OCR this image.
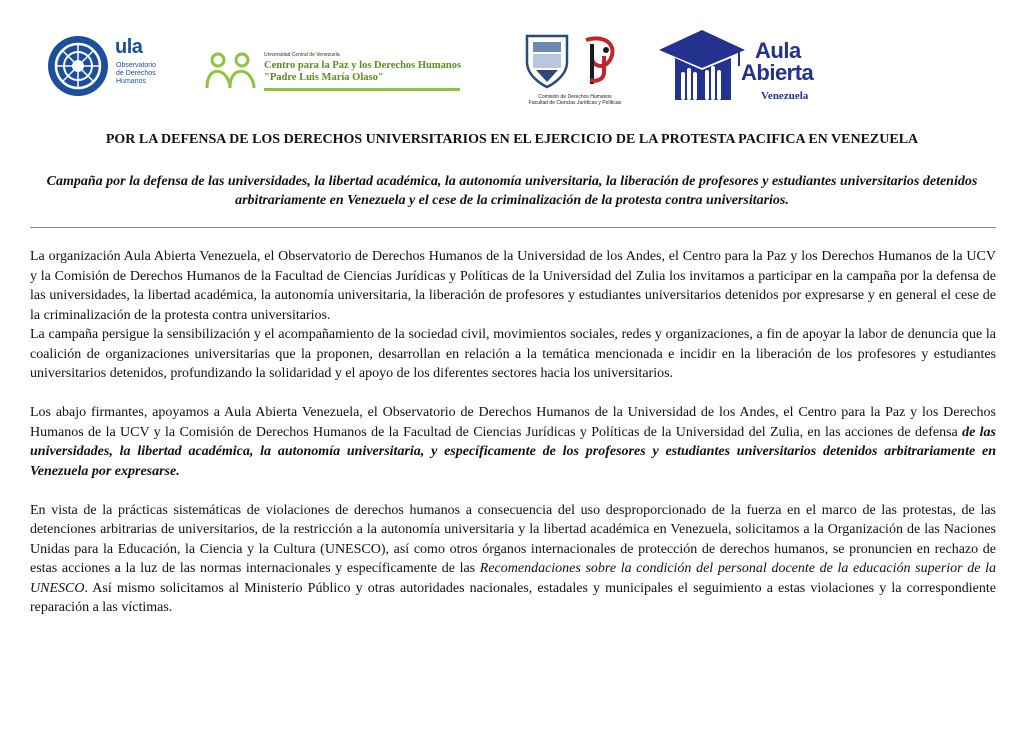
ula
Observatorio
de Derechos
Humanos
Universidad Central de Venezuela
Centro para la Paz y los Derechos Humanos "Padre Luis María Olaso"
Comisión de Derechos Humanos
Facultad de Ciencias Jurídicas y Políticas
Aula
Abierta
Venezuela
POR LA DEFENSA DE LOS DERECHOS UNIVERSITARIOS EN EL EJERCICIO DE LA PROTESTA PACIFICA EN VENEZUELA
Campaña por la defensa de las universidades, la libertad académica, la autonomía universitaria, la liberación de profesores y estudiantes universitarios detenidos arbitrariamente en Venezuela y el cese de la criminalización de la protesta contra universitarios.

La organización Aula Abierta Venezuela, el Observatorio de Derechos Humanos de la Universidad de los Andes, el Centro para la Paz y los Derechos Humanos de la UCV y la Comisión de Derechos Humanos de la Facultad de Ciencias Jurídicas y Políticas de la Universidad del Zulia los invitamos a participar en la campaña por la defensa de las universidades, la libertad académica, la autonomía universitaria, la liberación de profesores y estudiantes universitarios detenidos por expresarse y en general el cese de la criminalización de la protesta contra universitarios.

La campaña persigue la sensibilización y el acompañamiento de la sociedad civil, movimientos sociales, redes y organizaciones, a fin de apoyar la labor de denuncia que la coalición de organizaciones universitarias que la proponen, desarrollan en relación a la temática mencionada e incidir en la liberación de los profesores y estudiantes universitarios detenidos, profundizando la solidaridad y el apoyo de los diferentes sectores hacia los universitarios.

Los abajo firmantes, apoyamos a Aula Abierta Venezuela, el Observatorio de Derechos Humanos de la Universidad de los Andes, el Centro para la Paz y los Derechos Humanos de la UCV y la Comisión de Derechos Humanos de la Facultad de Ciencias Jurídicas y Políticas de la Universidad del Zulia, en las acciones de defensa de las universidades, la libertad académica, la autonomía universitaria, y específicamente de los profesores y estudiantes universitarios detenidos arbitrariamente en Venezuela por expresarse.

En vista de la prácticas sistemáticas de violaciones de derechos humanos a consecuencia del uso desproporcionado de la fuerza en el marco de las protestas, de las detenciones arbitrarias de universitarios, de la restricción a la autonomía universitaria y la libertad académica en Venezuela, solicitamos a la Organización de las Naciones Unidas para la Educación, la Ciencia y la Cultura (UNESCO), así como otros órganos internacionales de protección de derechos humanos, se pronuncien en rechazo de estas acciones a la luz de las normas internacionales y específicamente de las Recomendaciones sobre la condición del personal docente de la educación superior de la UNESCO. Así mismo solicitamos al Ministerio Público y otras autoridades nacionales, estadales y municipales el seguimiento a estas violaciones y la correspondiente reparación a las víctimas.
